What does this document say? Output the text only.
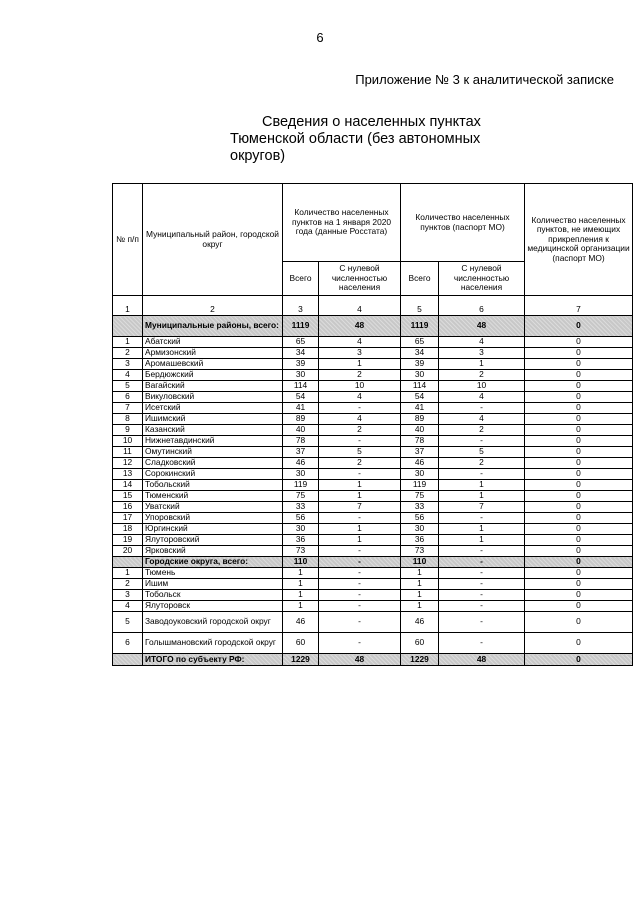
6
Приложение № 3 к аналитической записке
Сведения о населенных пунктах
Тюменской области (без автономных
округов)
№ п/п	Муниципальный район, городской округ	Количество населенных пунктов на 1 января 2020 года (данные Росстата)		Количество населенных пунктов (паспорт МО)		Количество населенных пунктов, не имеющих прикрепления к медицинской организации (паспорт МО)
		Всего	С нулевой численностью населения	Всего	С нулевой численностью населения	
1	2	3	4	5	6	7
	Муниципальные районы, всего:	1119	48	1119	48	0
1	Абатский	65	4	65	4	0
2	Армизонский	34	3	34	3	0
3	Аромашевский	39	1	39	1	0
4	Бердюжский	30	2	30	2	0
5	Вагайский	114	10	114	10	0
6	Викуловский	54	4	54	4	0
7	Исетский	41	-	41	-	0
8	Ишимский	89	4	89	4	0
9	Казанский	40	2	40	2	0
10	Нижнетавдинский	78	-	78	-	0
11	Омутинский	37	5	37	5	0
12	Сладковский	46	2	46	2	0
13	Сорокинский	30	-	30	-	0
14	Тобольский	119	1	119	1	0
15	Тюменский	75	1	75	1	0
16	Уватский	33	7	33	7	0
17	Упоровский	56	-	56	-	0
18	Юргинский	30	1	30	1	0
19	Ялуторовский	36	1	36	1	0
20	Ярковский	73	-	73	-	0
	Городские округа, всего:	110	-	110	-	0
1	Тюмень	1	-	1	-	0
2	Ишим	1	-	1	-	0
3	Тобольск	1	-	1	-	0
4	Ялуторовск	1	-	1	-	0
5	Заводоуковский городской округ	46	-	46	-	0
6	Голышмановский городской округ	60	-	60	-	0
	ИТОГО по субъекту РФ:	1229	48	1229	48	0
